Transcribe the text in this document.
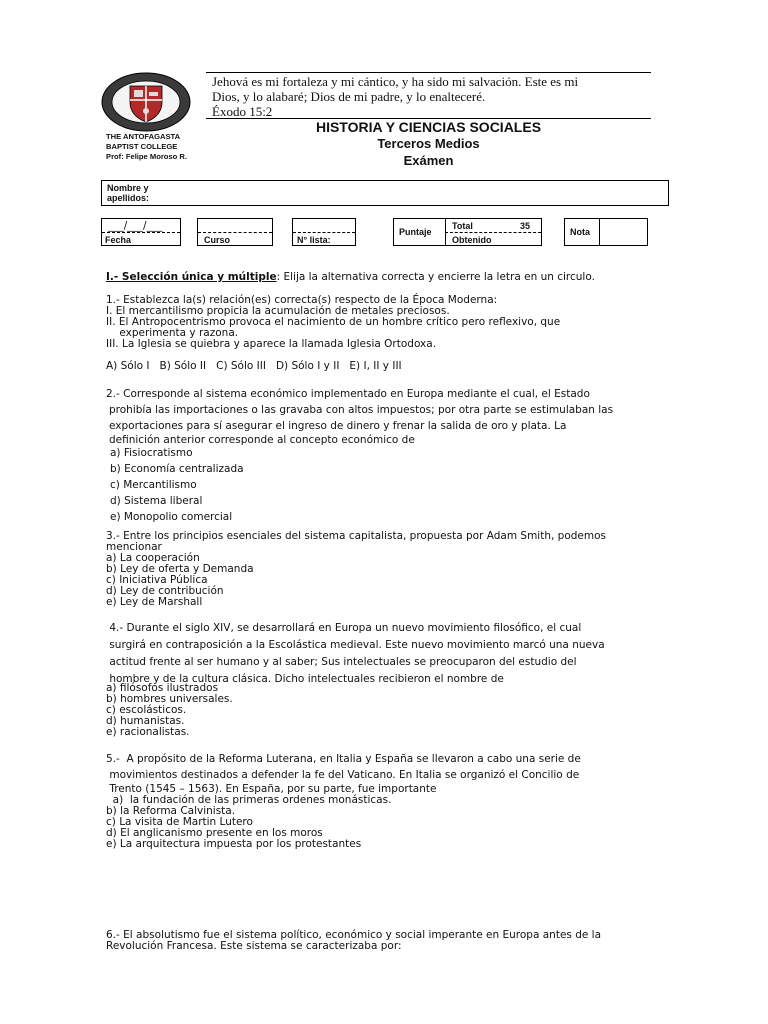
THE ANTOFAGASTA
BAPTIST COLLEGE
Prof: Felipe Moroso R.
Jehová es mi fortaleza y mi cántico, y ha sido mi salvación. Este es mi
Dios, y lo alabaré; Dios de mi padre, y lo enalteceré.
Éxodo 15:2
HISTORIA Y CIENCIAS SOCIALES
Terceros Medios
Exámen
Nombre y
apellidos:
___/___/___
Fecha	Curso	N° lista:
Puntaje
Total	35
Obtenido
Nota
I.- Selección única y múltiple: Elija la alternativa correcta y encierre la letra en un circulo.
1.- Establezca la(s) relación(es) correcta(s) respecto de la Época Moderna:
I. El mercantilismo propicia la acumulación de metales preciosos.
II. El Antropocentrismo provoca el nacimiento de un hombre crítico pero reflexivo, que
experimenta y razona.
III. La Iglesia se quiebra y aparece la llamada Iglesia Ortodoxa.
A) Sólo I   B) Sólo II   C) Sólo III   D) Sólo I y II   E) I, II y III
2.- Corresponde al sistema económico implementado en Europa mediante el cual, el Estado
prohibía las importaciones o las gravaba con altos impuestos; por otra parte se estimulaban las
exportaciones para sí asegurar el ingreso de dinero y frenar la salida de oro y plata. La
definición anterior corresponde al concepto económico de
a) Fisiocratismo
b) Economía centralizada
c) Mercantilismo
d) Sistema liberal
e) Monopolio comercial
3.- Entre los principios esenciales del sistema capitalista, propuesta por Adam Smith, podemos
mencionar
a) La cooperación
b) Ley de oferta y Demanda
c) Iniciativa Pública
d) Ley de contribución
e) Ley de Marshall
4.- Durante el siglo XIV, se desarrollará en Europa un nuevo movimiento filosófico, el cual
surgirá en contraposición a la Escolástica medieval. Este nuevo movimiento marcó una nueva
actitud frente al ser humano y al saber; Sus intelectuales se preocuparon del estudio del
hombre y de la cultura clásica. Dicho intelectuales recibieron el nombre de
a) filósofos ilustrados
b) hombres universales.
c) escolásticos.
d) humanistas.
e) racionalistas.
5.-  A propósito de la Reforma Luterana, en Italia y España se llevaron a cabo una serie de
movimientos destinados a defender la fe del Vaticano. En Italia se organizó el Concilio de
Trento (1545 – 1563). En España, por su parte, fue importante
a)  la fundación de las primeras ordenes monásticas.
b) la Reforma Calvinista.
c) La visita de Martin Lutero
d) El anglicanismo presente en los moros
e) La arquitectura impuesta por los protestantes
6.- El absolutismo fue el sistema político, económico y social imperante en Europa antes de la
Revolución Francesa. Este sistema se caracterizaba por:
